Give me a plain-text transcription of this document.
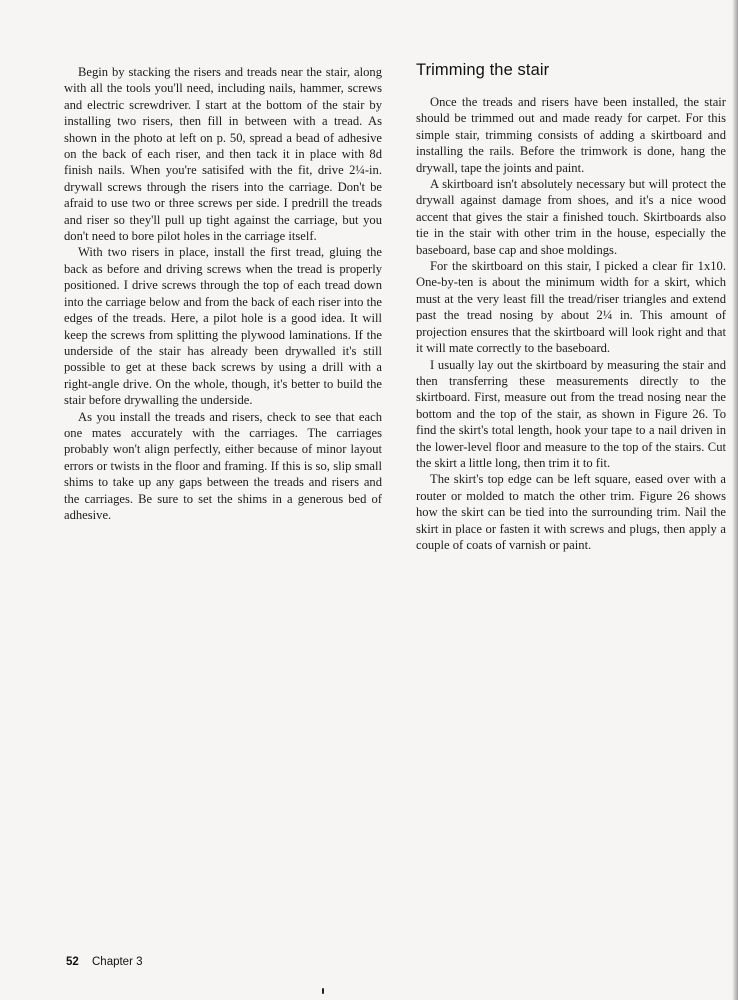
Begin by stacking the risers and treads near the stair, along with all the tools you'll need, including nails, hammer, screws and electric screwdriver. I start at the bottom of the stair by installing two risers, then fill in between with a tread. As shown in the photo at left on p. 50, spread a bead of adhesive on the back of each riser, and then tack it in place with 8d finish nails. When you're satisifed with the fit, drive 2¼-in. drywall screws through the risers into the carriage. Don't be afraid to use two or three screws per side. I predrill the treads and riser so they'll pull up tight against the carriage, but you don't need to bore pilot holes in the carriage itself.

With two risers in place, install the first tread, gluing the back as before and driving screws when the tread is properly positioned. I drive screws through the top of each tread down into the carriage below and from the back of each riser into the edges of the treads. Here, a pilot hole is a good idea. It will keep the screws from splitting the plywood laminations. If the underside of the stair has already been drywalled it's still possible to get at these back screws by using a drill with a right-angle drive. On the whole, though, it's better to build the stair before drywalling the underside.

As you install the treads and risers, check to see that each one mates accurately with the carriages. The carriages probably won't align perfectly, either because of minor layout errors or twists in the floor and framing. If this is so, slip small shims to take up any gaps between the treads and risers and the carriages. Be sure to set the shims in a generous bed of adhesive.

Trimming the stair

Once the treads and risers have been installed, the stair should be trimmed out and made ready for carpet. For this simple stair, trimming consists of adding a skirtboard and installing the rails. Before the trimwork is done, hang the drywall, tape the joints and paint.

A skirtboard isn't absolutely necessary but will protect the drywall against damage from shoes, and it's a nice wood accent that gives the stair a finished touch. Skirtboards also tie in the stair with other trim in the house, especially the baseboard, base cap and shoe moldings.

For the skirtboard on this stair, I picked a clear fir 1x10. One-by-ten is about the minimum width for a skirt, which must at the very least fill the tread/riser triangles and extend past the tread nosing by about 2¼ in. This amount of projection ensures that the skirtboard will look right and that it will mate correctly to the baseboard.

I usually lay out the skirtboard by measuring the stair and then transferring these measurements directly to the skirtboard. First, measure out from the tread nosing near the bottom and the top of the stair, as shown in Figure 26. To find the skirt's total length, hook your tape to a nail driven in the lower-level floor and measure to the top of the stairs. Cut the skirt a little long, then trim it to fit.

The skirt's top edge can be left square, eased over with a router or molded to match the other trim. Figure 26 shows how the skirt can be tied into the surrounding trim. Nail the skirt in place or fasten it with screws and plugs, then apply a couple of coats of varnish or paint.

52 Chapter 3
